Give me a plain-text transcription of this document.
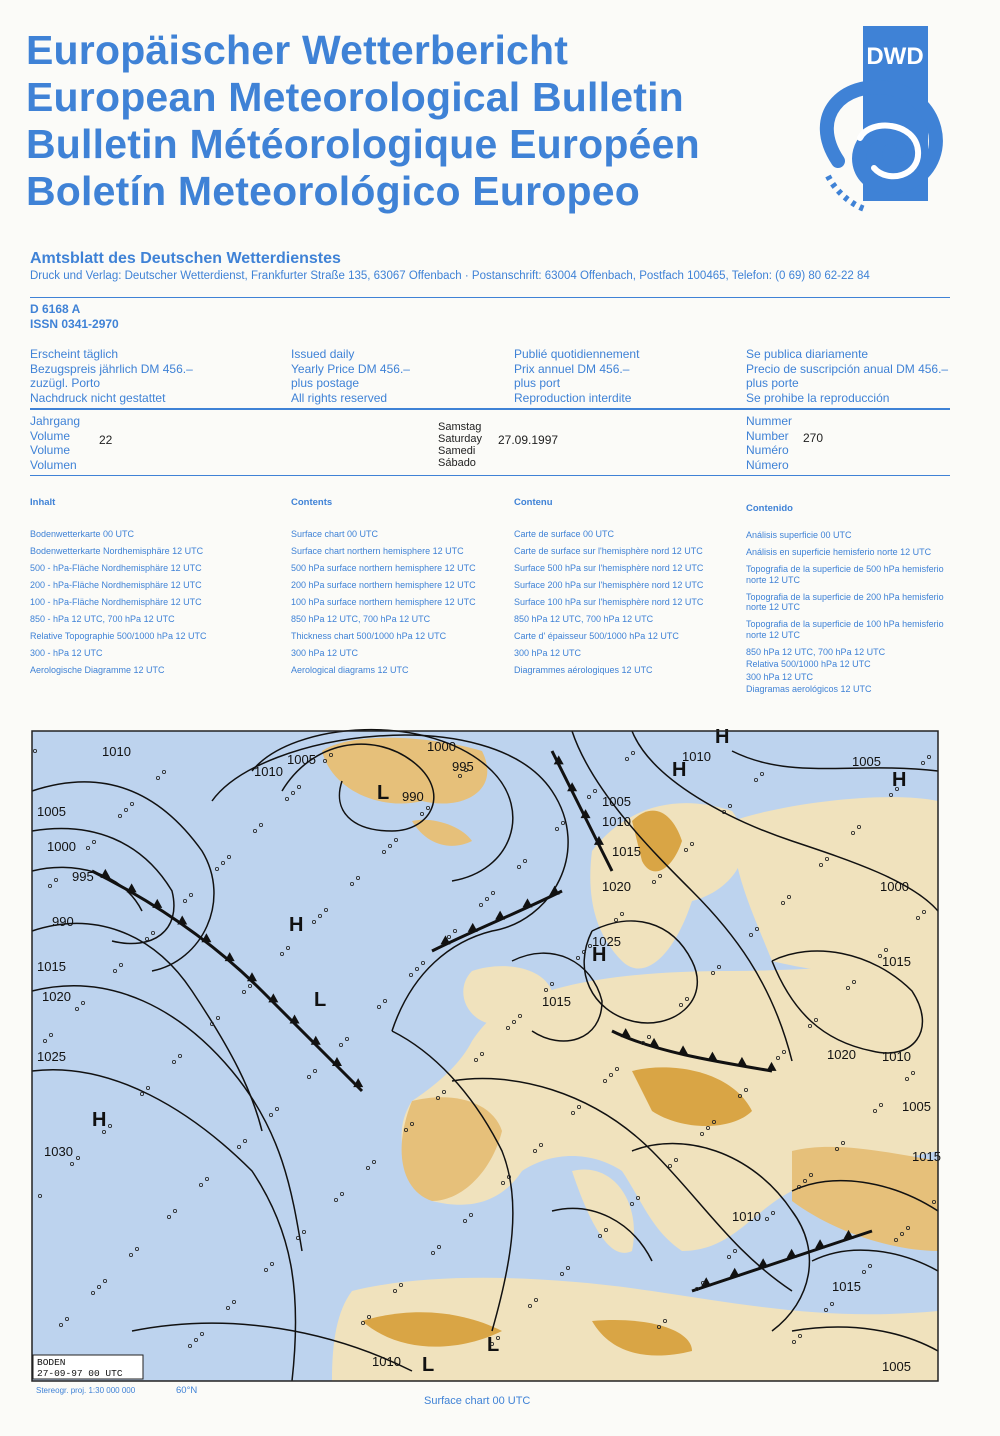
Europäischer Wetterbericht
European Meteorological Bulletin
Bulletin Météorologique Européen
Boletín Meteorológico Europeo
DWD
Amtsblatt des Deutschen Wetterdienstes
Druck und Verlag: Deutscher Wetterdienst, Frankfurter Straße 135, 63067 Offenbach · Postanschrift: 63004 Offenbach, Postfach 100465, Telefon: (0 69) 80 62-22 84
D 6168 A
ISSN 0341-2970
Erscheint täglich
Bezugspreis jährlich DM 456.–
zuzügl. Porto
Nachdruck nicht gestattet
Issued daily
Yearly Price DM 456.–
plus postage
All rights reserved
Publié quotidiennement
Prix annuel DM 456.–
plus port
Reproduction interdite
Se publica diariamente
Precio de suscripción anual DM 456.–
plus porte
Se prohibe la reproducción
Jahrgang
Volume
Volume
Volumen
22
Samstag
Saturday
Samedi
Sábado
27.09.1997
Nummer
Number
Numéro
Número
270
Inhalt
Bodenwetterkarte 00 UTC
Bodenwetterkarte Nordhemisphäre 12 UTC
500 - hPa-Fläche Nordhemisphäre 12 UTC
200 - hPa-Fläche Nordhemisphäre 12 UTC
100 - hPa-Fläche Nordhemisphäre 12 UTC
850 - hPa 12 UTC, 700 hPa 12 UTC
Relative Topographie 500/1000 hPa 12 UTC
300 - hPa 12 UTC
Aerologische Diagramme 12 UTC
Contents
Surface chart 00 UTC
Surface chart northern hemisphere 12 UTC
500 hPa surface northern hemisphere 12 UTC
200 hPa surface northern hemisphere 12 UTC
100 hPa surface northern hemisphere 12 UTC
850 hPa 12 UTC, 700 hPa 12 UTC
Thickness chart 500/1000 hPa 12 UTC
300 hPa 12 UTC
Aerological diagrams 12 UTC
Contenu
Carte de surface 00 UTC
Carte de surface sur l'hemisphère nord 12 UTC
Surface 500 hPa sur l'hemisphère nord 12 UTC
Surface 200 hPa sur l'hemisphère nord 12 UTC
Surface 100 hPa sur l'hemisphère nord 12 UTC
850 hPa 12 UTC, 700 hPa 12 UTC
Carte d' épaisseur 500/1000 hPa 12 UTC
300 hPa 12 UTC
Diagrammes aérologiques 12 UTC
Contenido
Análisis superficie 00 UTC
Análisis en superficie hemisferio norte 12 UTC
Topografia de la superficie de 500 hPa hemisferio norte 12 UTC
Topografia de la superficie de 200 hPa hemisferio norte 12 UTC
Topografia de la superficie de 100 hPa hemisferio norte 12 UTC
850 hPa 12 UTC, 700 hPa 12 UTC
Relativa 500/1000 hPa 12 UTC
300 hPa 12 UTC
Diagramas aerológicos 12 UTC
1010
1005
1000
995
990
1010
1005
1000
995
990
1015
1020
1025
1030
1005
1010
1015
1020
1025
1015
1010	1005
1000
1015
1010
1005
1015
1020
1010
1015
1005
1010
H
H
H
L
L
H
H
L
L
H
BODEN
27-09-97 00 UTC
Stereogr. proj. 1:30 000 000	60°N
Surface chart 00 UTC
